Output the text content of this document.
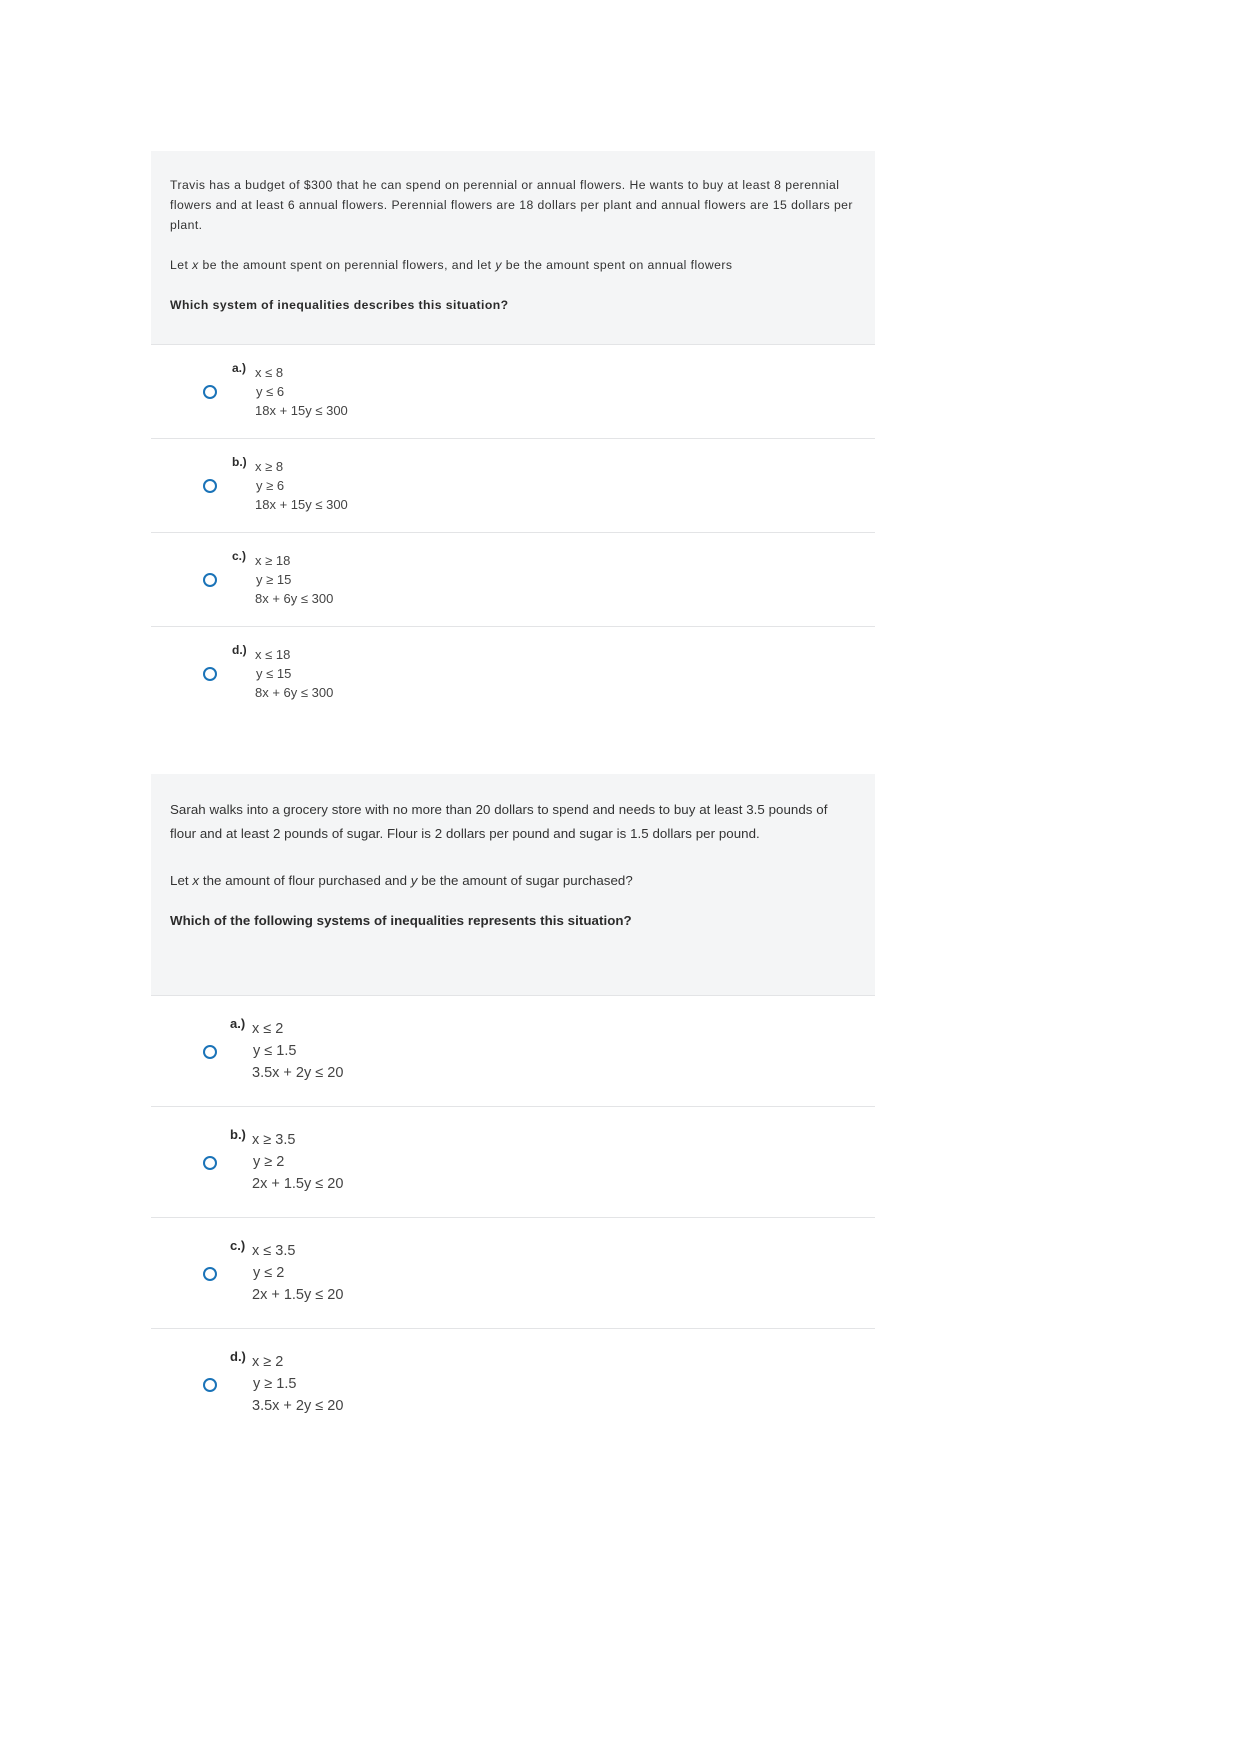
Travis has a budget of $300 that he can spend on perennial or annual flowers. He wants to buy at least 8 perennial flowers and at least 6 annual flowers. Perennial flowers are 18 dollars per plant and annual flowers are 15 dollars per plant.

Let x be the amount spent on perennial flowers, and let y be the amount spent on annual flowers

Which system of inequalities describes this situation?

a.) x ≤ 8
y ≤ 6
18x + 15y ≤ 300
b.) x ≥ 8
y ≥ 6
18x + 15y ≤ 300
c.) x ≥ 18
y ≥ 15
8x + 6y ≤ 300
d.) x ≤ 18
y ≤ 15
8x + 6y ≤ 300

Sarah walks into a grocery store with no more than 20 dollars to spend and needs to buy at least 3.5 pounds of flour and at least 2 pounds of sugar. Flour is 2 dollars per pound and sugar is 1.5 dollars per pound.

Let x the amount of flour purchased and y be the amount of sugar purchased?

Which of the following systems of inequalities represents this situation?

a.) x ≤ 2
y ≤ 1.5
3.5x + 2y ≤ 20
b.) x ≥ 3.5
y ≥ 2
2x + 1.5y ≤ 20
c.) x ≤ 3.5
y ≤ 2
2x + 1.5y ≤ 20
d.) x ≥ 2
y ≥ 1.5
3.5x + 2y ≤ 20
